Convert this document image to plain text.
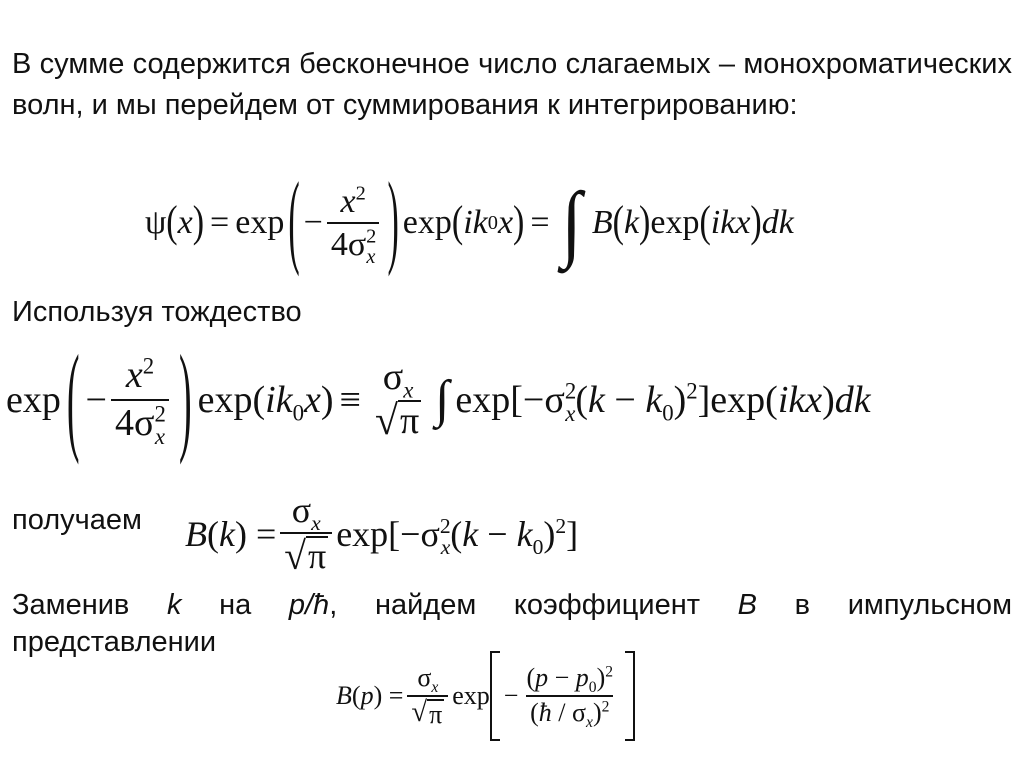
В сумме содержится бесконечное число слагаемых – монохроматических волн, и мы перейдем от суммирования к интегрированию:
ψ ( x ) = exp ( − $\frac{x^2}{4\sigma^2_x}$ ) exp ( ik 0 x ) = ∫ B ( k ) exp ( ikx ) dk
Используя тождество
exp ( − $\frac{x^2}{4\sigma^2_x}$ ) $\exp(ik_0x)$ ≡
$\sigma_x$
√ π ∫ $\exp[-\sigma^2_x(k - k_0)^2]\exp(ikx)dk$
получаем B $(k) = \frac{\sigma_x}{√ \pi} \exp[-\sigma^2_x(k - k_0)^2]$
Заменив k на p/ħ, найдем коэффициент B в импульсном
представлении
B ( p ) = $\frac{\sigma_x}{√ \pi}$ $\exp - \frac{(p - p_0)^2}{(ħ / \sigma_x)^2}$
